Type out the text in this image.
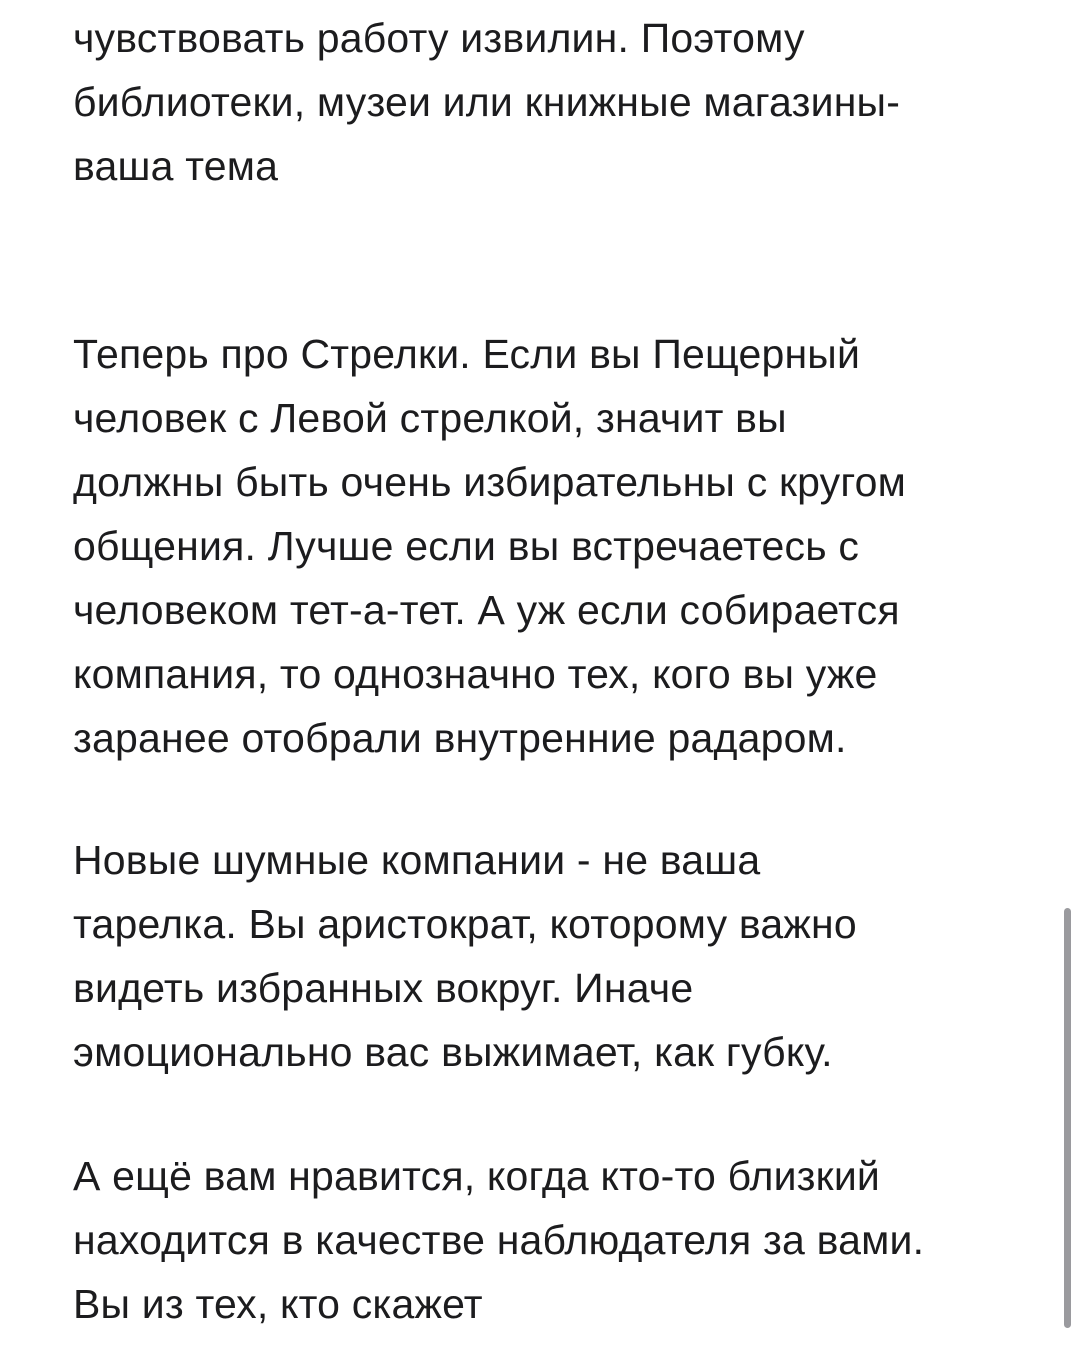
чувствовать работу извилин. Поэтому
библиотеки, музеи или книжные магазины-
ваша тема
Теперь про Стрелки. Если вы Пещерный
человек с Левой стрелкой, значит вы
должны быть очень избирательны с кругом
общения. Лучше если вы встречаетесь с
человеком тет-а-тет. А уж если собирается
компания, то однозначно тех, кого вы уже
заранее отобрали внутренние радаром.
Новые шумные компании - не ваша
тарелка. Вы аристократ, которому важно
видеть избранных вокруг. Иначе
эмоционально вас выжимает, как губку.
А ещё вам нравится, когда кто-то близкий
находится в качестве наблюдателя за вами.
Вы из тех, кто скажет
